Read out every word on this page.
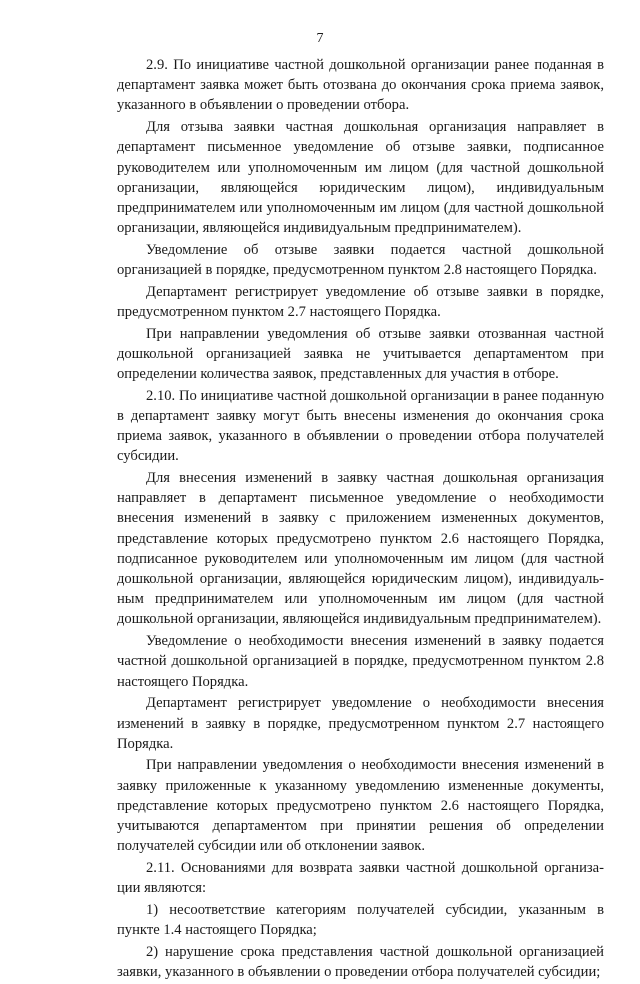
7

2.9. По инициативе частной дошкольной организации ранее поданная в департамент заявка может быть отозвана до окончания срока приема заявок, указанного в объявлении о проведении отбора.

Для отзыва заявки частная дошкольная организация направляет в департамент письменное уведомление об отзыве заявки, подписанное руководителем или уполномоченным им лицом (для частной дошкольной организации, являющейся юридическим лицом), индивидуальным предпринимателем или уполномоченным им лицом (для частной дошкольной организации, являющейся индивидуальным предпринимателем).

Уведомление об отзыве заявки подается частной дошкольной организацией в порядке, предусмотренном пунктом 2.8 настоящего Порядка.

Департамент регистрирует уведомление об отзыве заявки в порядке, предусмотренном пунктом 2.7 настоящего Порядка.

При направлении уведомления об отзыве заявки отозванная частной дошкольной организацией заявка не учитывается департаментом при определении количества заявок, представленных для участия в отборе.

2.10. По инициативе частной дошкольной организации в ранее поданную в департамент заявку могут быть внесены изменения до окончания срока приема заявок, указанного в объявлении о проведении отбора получателей субсидии.

Для внесения изменений в заявку частная дошкольная организация направляет в департамент письменное уведомление о необходимости внесения изменений в заявку с приложением измененных документов, представление которых предусмотрено пунктом 2.6 настоящего Порядка, подписанное руководителем или уполномоченным им лицом (для частной дошкольной организации, являющейся юридическим лицом), индивидуальным предпринимателем или уполномоченным им лицом (для частной дошкольной организации, являющейся индивидуальным предпринимателем).

Уведомление о необходимости внесения изменений в заявку подается частной дошкольной организацией в порядке, предусмотренном пунктом 2.8 настоящего Порядка.

Департамент регистрирует уведомление о необходимости внесения изменений в заявку в порядке, предусмотренном пунктом 2.7 настоящего Порядка.

При направлении уведомления о необходимости внесения изменений в заявку приложенные к указанному уведомлению измененные документы, представление которых предусмотрено пунктом 2.6 настоящего Порядка, учитываются департаментом при принятии решения об определении получателей субсидии или об отклонении заявок.

2.11. Основаниями для возврата заявки частной дошкольной организации являются:

1) несоответствие категориям получателей субсидии, указанным в пункте 1.4 настоящего Порядка;

2) нарушение срока представления частной дошкольной организацией заявки, указанного в объявлении о проведении отбора получателей субсидии;
